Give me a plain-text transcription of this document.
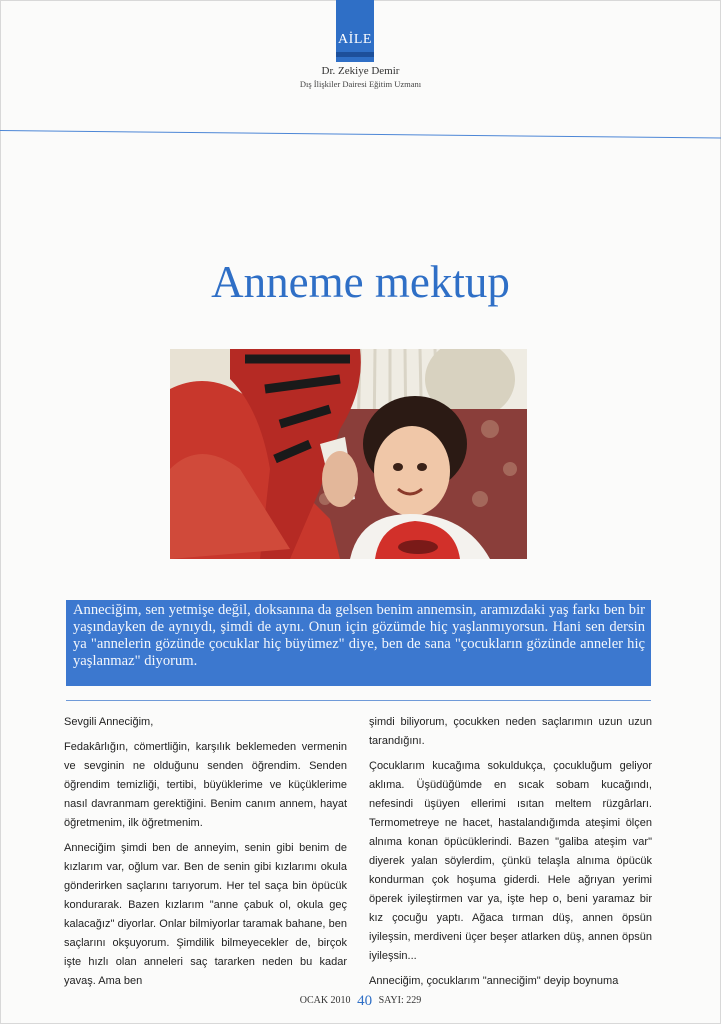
AİLE
Dr. Zekiye Demir
Dış İlişkiler Dairesi Eğitim Uzmanı
Anneme mektup

Anneciğim, sen yetmişe değil, doksanına da gelsen benim annemsin, aramızdaki yaş farkı ben bir yaşındayken de aynıydı, şimdi de aynı. Onun için gözümde hiç yaşlanmıyorsun. Hani sen dersin ya "annelerin gözünde çocuklar hiç büyümez" diye, ben de sana "çocukların gözünde anneler hiç yaşlanmaz" diyorum.

Sevgili Anneciğim,

Fedakârlığın, cömertliğin, karşılık beklemeden vermenin ve sevginin ne olduğunu senden öğrendim. Senden öğrendim temizliği, tertibi, büyüklerime ve küçüklerime nasıl davranmam gerektiğini. Benim canım annem, hayat öğretmenim, ilk öğretmenim.

Anneciğim şimdi ben de anneyim, senin gibi benim de kızlarım var, oğlum var. Ben de senin gibi kızlarımı okula gönderirken saçlarını tarıyorum. Her tel saça bin öpücük kondurarak. Bazen kızlarım "anne çabuk ol, okula geç kalacağız" diyorlar. Onlar bilmiyorlar taramak bahane, ben saçlarını okşuyorum. Şimdilik bilmeyecekler de, birçok işte hızlı olan anneleri saç tararken neden bu kadar yavaş. Ama ben

şimdi biliyorum, çocukken neden saçlarımın uzun uzun tarandığını.

Çocuklarım kucağıma sokuldukça, çocukluğum geliyor aklıma. Üşüdüğümde en sıcak sobam kucağındı, nefesindi üşüyen ellerimi ısıtan meltem rüzgârları. Termometreye ne hacet, hastalandığımda ateşimi ölçen alnıma konan öpücüklerindi. Bazen "galiba ateşim var" diyerek yalan söylerdim, çünkü telaşla alnıma öpücük kondurman çok hoşuma giderdi. Hele ağrıyan yerimi öperek iyileştirmen var ya, işte hep o, beni yaramaz bir kız çocuğu yaptı. Ağaca tırman düş, annen öpsün iyileşsin, merdiveni üçer beşer atlarken düş, annen öpsün iyileşsin...

Anneciğim, çocuklarım "anneciğim" deyip boynuma

OCAK 2010 40 SAYI: 229
